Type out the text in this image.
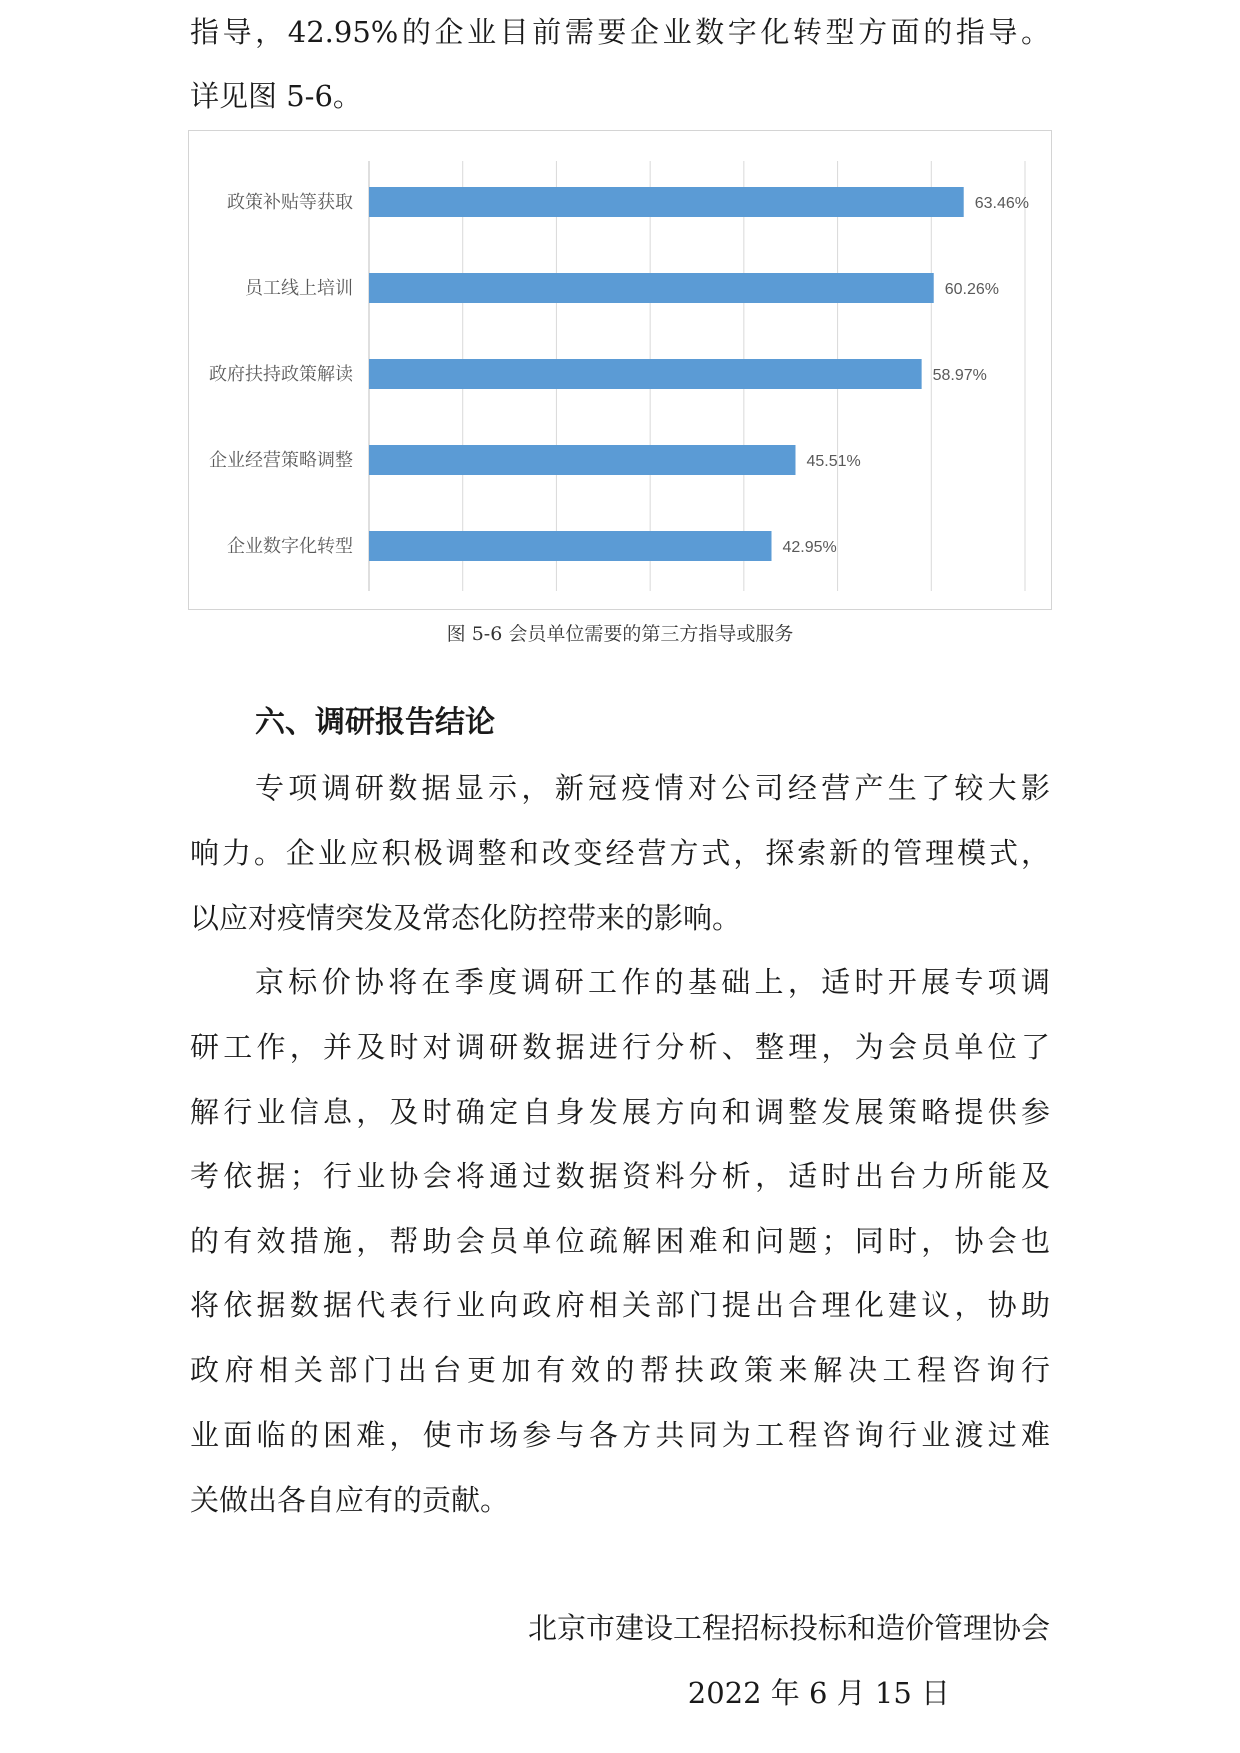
指导，42.95%的企业目前需要企业数字化转型方面的指导。

详见图 5-6。

政策补贴等获取	63.46%
员工线上培训	60.26%
政府扶持政策解读	58.97%
企业经营策略调整	45.51%
企业数字化转型	42.95%

图 5-6 会员单位需要的第三方指导或服务

六、调研报告结论

专项调研数据显示，新冠疫情对公司经营产生了较大影

响力。企业应积极调整和改变经营方式，探索新的管理模式，

以应对疫情突发及常态化防控带来的影响。

京标价协将在季度调研工作的基础上，适时开展专项调

研工作，并及时对调研数据进行分析、整理，为会员单位了

解行业信息，及时确定自身发展方向和调整发展策略提供参

考依据；行业协会将通过数据资料分析，适时出台力所能及

的有效措施，帮助会员单位疏解困难和问题；同时，协会也

将依据数据代表行业向政府相关部门提出合理化建议，协助

政府相关部门出台更加有效的帮扶政策来解决工程咨询行

业面临的困难，使市场参与各方共同为工程咨询行业渡过难

关做出各自应有的贡献。

北京市建设工程招标投标和造价管理协会

2022 年 6 月 15 日
